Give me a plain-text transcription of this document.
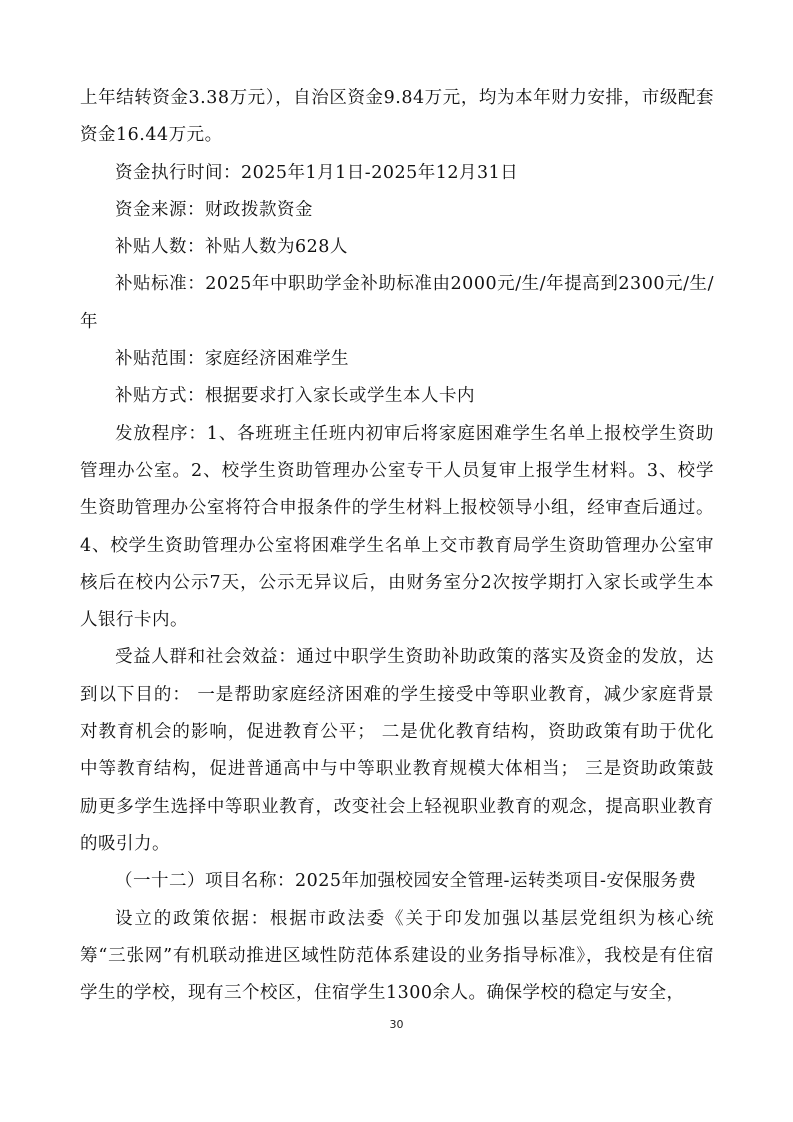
上年结转资金3.38万元），自治区资金9.84万元，均为本年财力安排，市级配套资金16.44万元。

资金执行时间：2025年1月1日-2025年12月31日

资金来源：财政拨款资金

补贴人数：补贴人数为628人

补贴标准：2025年中职助学金补助标准由2000元/生/年提高到2300元/生/年

补贴范围：家庭经济困难学生

补贴方式：根据要求打入家长或学生本人卡内

发放程序：1、各班班主任班内初审后将家庭困难学生名单上报校学生资助管理办公室。2、校学生资助管理办公室专干人员复审上报学生材料。3、校学生资助管理办公室将符合申报条件的学生材料上报校领导小组，经审查后通过。4、校学生资助管理办公室将困难学生名单上交市教育局学生资助管理办公室审核后在校内公示7天，公示无异议后，由财务室分2次按学期打入家长或学生本人银行卡内。

受益人群和社会效益：通过中职学生资助补助政策的落实及资金的发放，达到以下目的： 一是帮助家庭经济困难的学生接受中等职业教育，减少家庭背景对教育机会的影响，促进教育公平； 二是优化教育结构，资助政策有助于优化中等教育结构，促进普通高中与中等职业教育规模大体相当； 三是资助政策鼓励更多学生选择中等职业教育，改变社会上轻视职业教育的观念，提高职业教育的吸引力。

（一十二）项目名称：2025年加强校园安全管理-运转类项目-安保服务费

设立的政策依据：根据市政法委《关于印发加强以基层党组织为核心统筹“三张网”有机联动推进区域性防范体系建设的业务指导标准》，我校是有住宿学生的学校，现有三个校区，住宿学生1300余人。确保学校的稳定与安全，

30
